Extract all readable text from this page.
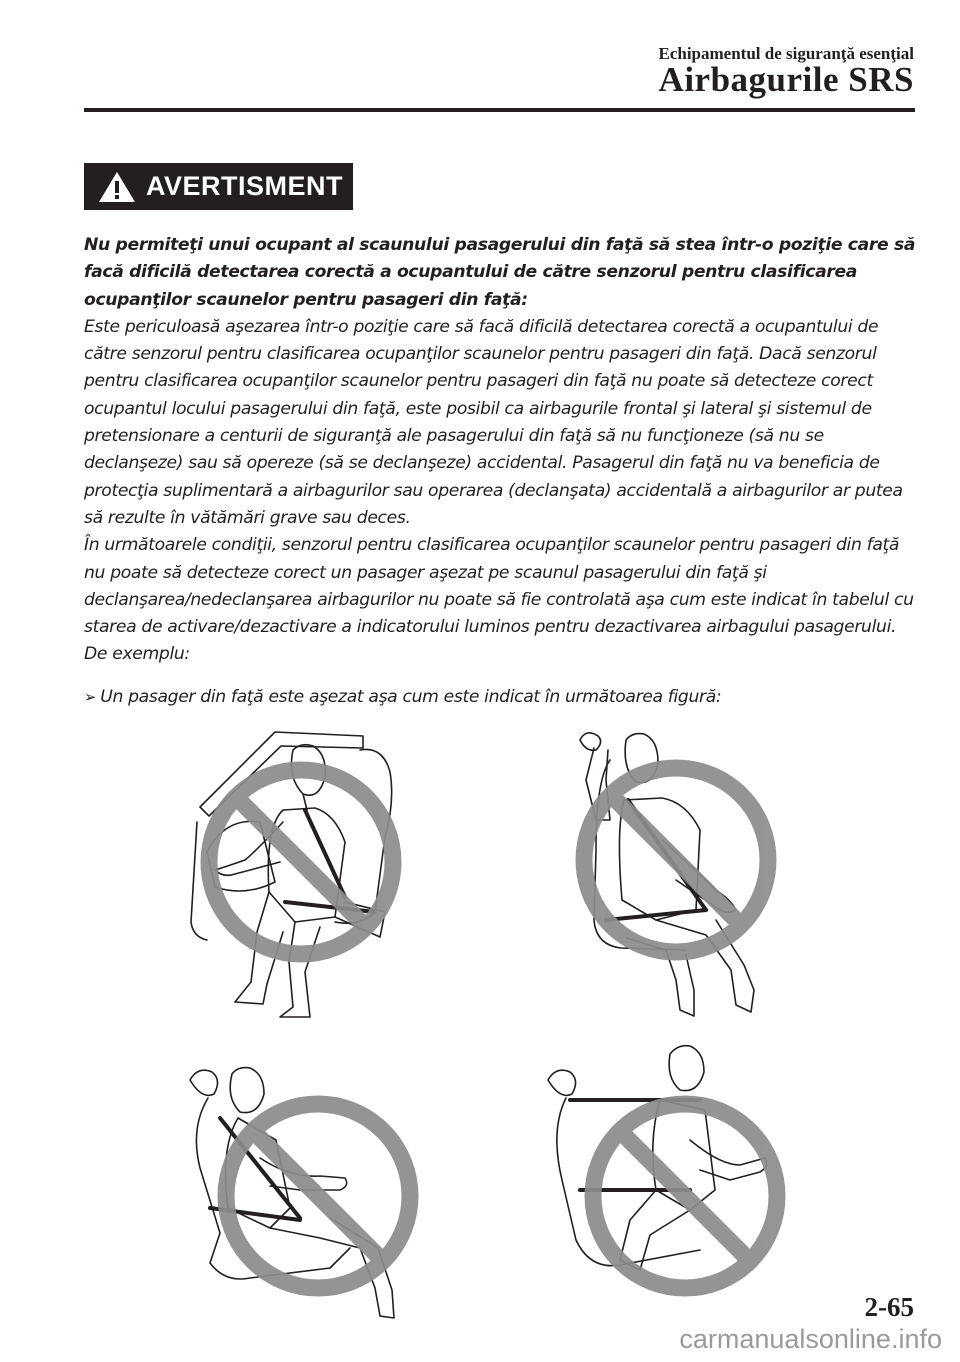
Echipamentul de siguranţă esenţial
Airbagurile SRS
AVERTISMENT

Nu permiteţi unui ocupant al scaunului pasagerului din faţă să stea într-o poziţie care să facă dificilă detectarea corectă a ocupantului de către senzorul pentru clasificarea ocupanţilor scaunelor pentru pasageri din faţă:

Este periculoasă aşezarea într-o poziţie care să facă dificilă detectarea corectă a ocupantului de către senzorul pentru clasificarea ocupanţilor scaunelor pentru pasageri din faţă. Dacă senzorul pentru clasificarea ocupanţilor scaunelor pentru pasageri din faţă nu poate să detecteze corect ocupantul locului pasagerului din faţă, este posibil ca airbagurile frontal şi lateral şi sistemul de pretensionare a centurii de siguranţă ale pasagerului din faţă să nu funcţioneze (să nu se declanşeze) sau să opereze (să se declanşeze) accidental. Pasagerul din faţă nu va beneficia de protecţia suplimentară a airbagurilor sau operarea (declanşata) accidentală a airbagurilor ar putea să rezulte în vătămări grave sau deces.

În următoarele condiţii, senzorul pentru clasificarea ocupanţilor scaunelor pentru pasageri din faţă nu poate să detecteze corect un pasager aşezat pe scaunul pasagerului din faţă şi declanşarea/nedeclanşarea airbagurilor nu poate să fie controlată aşa cum este indicat în tabelul cu starea de activare/dezactivare a indicatorului luminos pentru dezactivarea airbagului pasagerului. De exemplu:

➢ Un pasager din faţă este aşezat aşa cum este indicat în următoarea figură:
2-65
carmanualsonline.info
